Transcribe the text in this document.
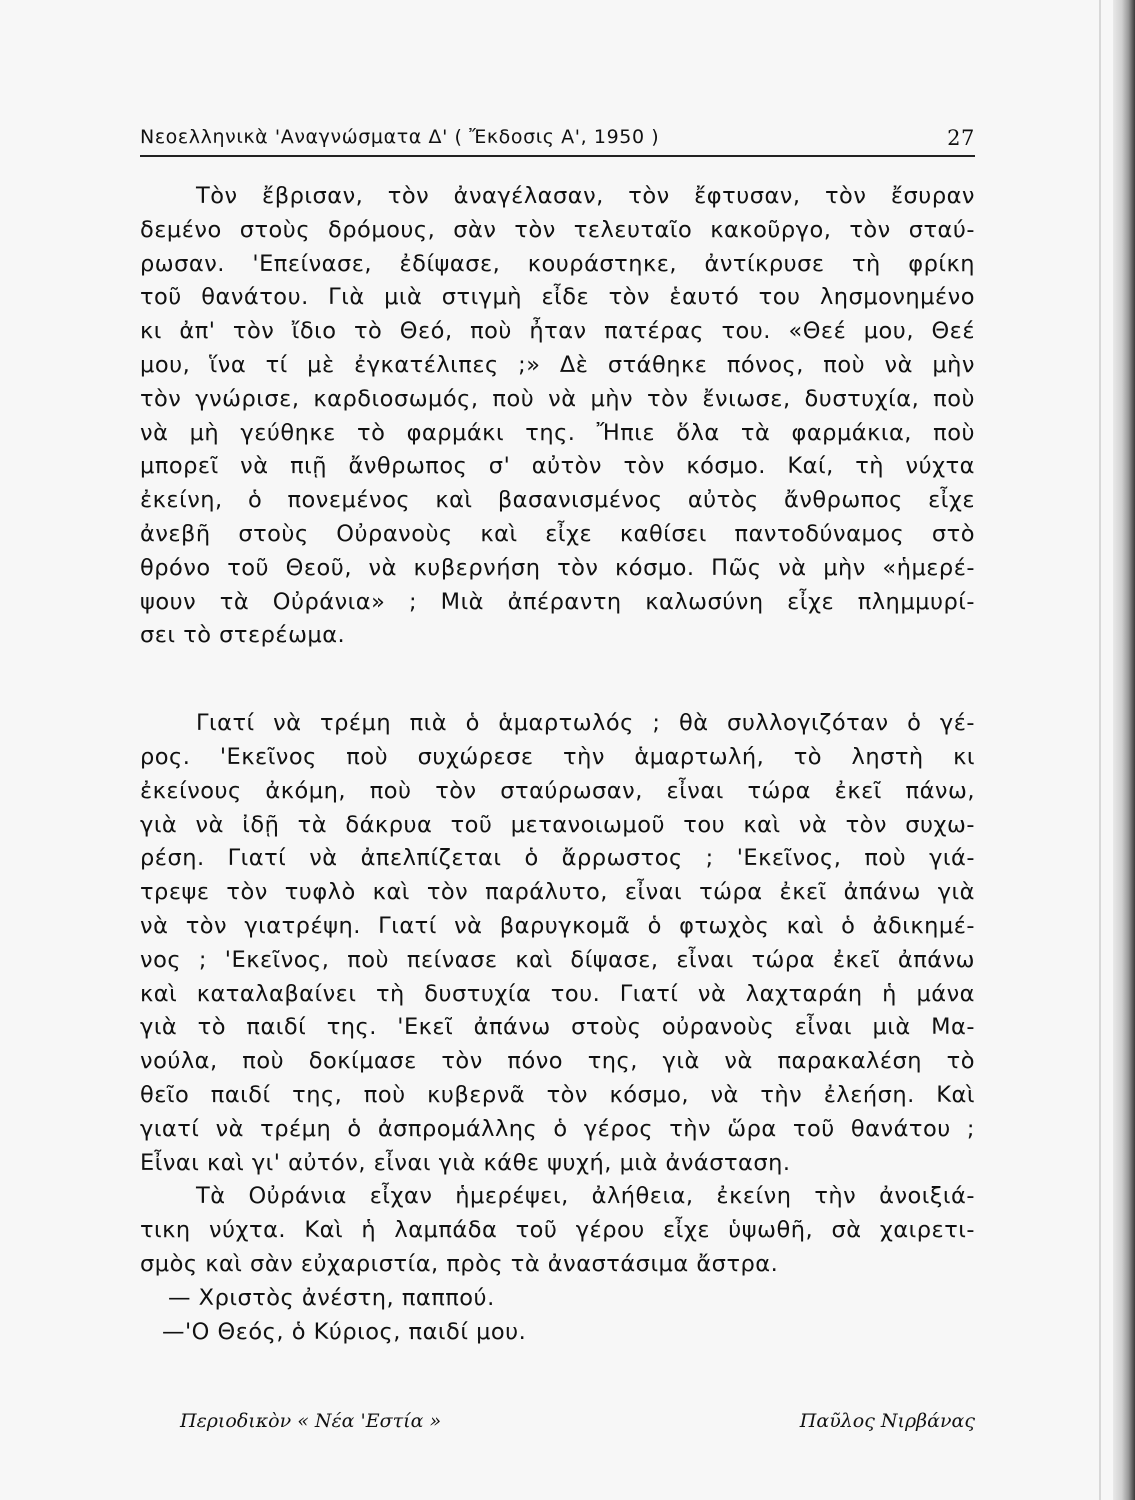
Νεοελληνικὰ 'Αναγνώσματα Δ' ( Ἔκδοσις Α', 1950 )	27
Τὸν ἔβρισαν, τὸν ἀναγέλασαν, τὸν ἔφτυσαν, τὸν ἔσυραν
δεμένο στοὺς δρόμους, σὰν τὸν τελευταῖο κακοῦργο, τὸν σταύ-
ρωσαν. 'Επείνασε, ἐδίψασε, κουράστηκε, ἀντίκρυσε τὴ φρίκη
τοῦ θανάτου. Γιὰ μιὰ στιγμὴ εἶδε τὸν ἑαυτό του λησμονημένο
κι ἀπ' τὸν ἴδιο τὸ Θεό, ποὺ ἦταν πατέρας του. «Θεέ μου, Θεέ
μου, ἵνα τί μὲ ἐγκατέλιπες ;» Δὲ στάθηκε πόνος, ποὺ νὰ μὴν
τὸν γνώρισε, καρδιοσωμός, ποὺ νὰ μὴν τὸν ἔνιωσε, δυστυχία, ποὺ
νὰ μὴ γεύθηκε τὸ φαρμάκι της. Ἤπιε ὅλα τὰ φαρμάκια, ποὺ
μπορεῖ νὰ πιῇ ἄνθρωπος σ' αὐτὸν τὸν κόσμο. Καί, τὴ νύχτα
ἐκείνη, ὁ πονεμένος καὶ βασανισμένος αὐτὸς ἄνθρωπος εἶχε
ἀνεβῆ στοὺς Οὐρανοὺς καὶ εἶχε καθίσει παντοδύναμος στὸ
θρόνο τοῦ Θεοῦ, νὰ κυβερνήση τὸν κόσμο. Πῶς νὰ μὴν «ἡμερέ-
ψουν τὰ Οὐράνια» ; Μιὰ ἀπέραντη καλωσύνη εἶχε πλημμυρί-
σει τὸ στερέωμα.
Γιατί νὰ τρέμη πιὰ ὁ ἁμαρτωλός ; θὰ συλλογιζόταν ὁ γέ-
ρος. 'Εκεῖνος ποὺ συχώρεσε τὴν ἁμαρτωλή, τὸ ληστὴ κι
ἐκείνους ἀκόμη, ποὺ τὸν σταύρωσαν, εἶναι τώρα ἐκεῖ πάνω,
γιὰ νὰ ἰδῇ τὰ δάκρυα τοῦ μετανοιωμοῦ του καὶ νὰ τὸν συχω-
ρέση. Γιατί νὰ ἀπελπίζεται ὁ ἄρρωστος ; 'Εκεῖνος, ποὺ γιά-
τρεψε τὸν τυφλὸ καὶ τὸν παράλυτο, εἶναι τώρα ἐκεῖ ἀπάνω γιὰ
νὰ τὸν γιατρέψη. Γιατί νὰ βαρυγκομᾶ ὁ φτωχὸς καὶ ὁ ἀδικημέ-
νος ; 'Εκεῖνος, ποὺ πείνασε καὶ δίψασε, εἶναι τώρα ἐκεῖ ἀπάνω
καὶ καταλαβαίνει τὴ δυστυχία του. Γιατί νὰ λαχταράη ἡ μάνα
γιὰ τὸ παιδί της. 'Εκεῖ ἀπάνω στοὺς οὐρανοὺς εἶναι μιὰ Μα-
νούλα, ποὺ δοκίμασε τὸν πόνο της, γιὰ νὰ παρακαλέση τὸ
θεῖο παιδί της, ποὺ κυβερνᾶ τὸν κόσμο, νὰ τὴν ἐλεήση. Καὶ
γιατί νὰ τρέμη ὁ ἀσπρομάλλης ὁ γέρος τὴν ὥρα τοῦ θανάτου ;
Εἶναι καὶ γι' αὐτόν, εἶναι γιὰ κάθε ψυχή, μιὰ ἀνάσταση.
Τὰ Οὐράνια εἶχαν ἡμερέψει, ἀλήθεια, ἐκείνη τὴν ἀνοιξιά-
τικη νύχτα. Καὶ ἡ λαμπάδα τοῦ γέρου εἶχε ὑψωθῆ, σὰ χαιρετι-
σμὸς καὶ σὰν εὐχαριστία, πρὸς τὰ ἀναστάσιμα ἄστρα.
— Χριστὸς ἀνέστη, παππού.
—'Ο Θεός, ὁ Κύριος, παιδί μου.
Περιοδικὸν « Νέα 'Εστία »	Παῦλος Νιρβάνας
